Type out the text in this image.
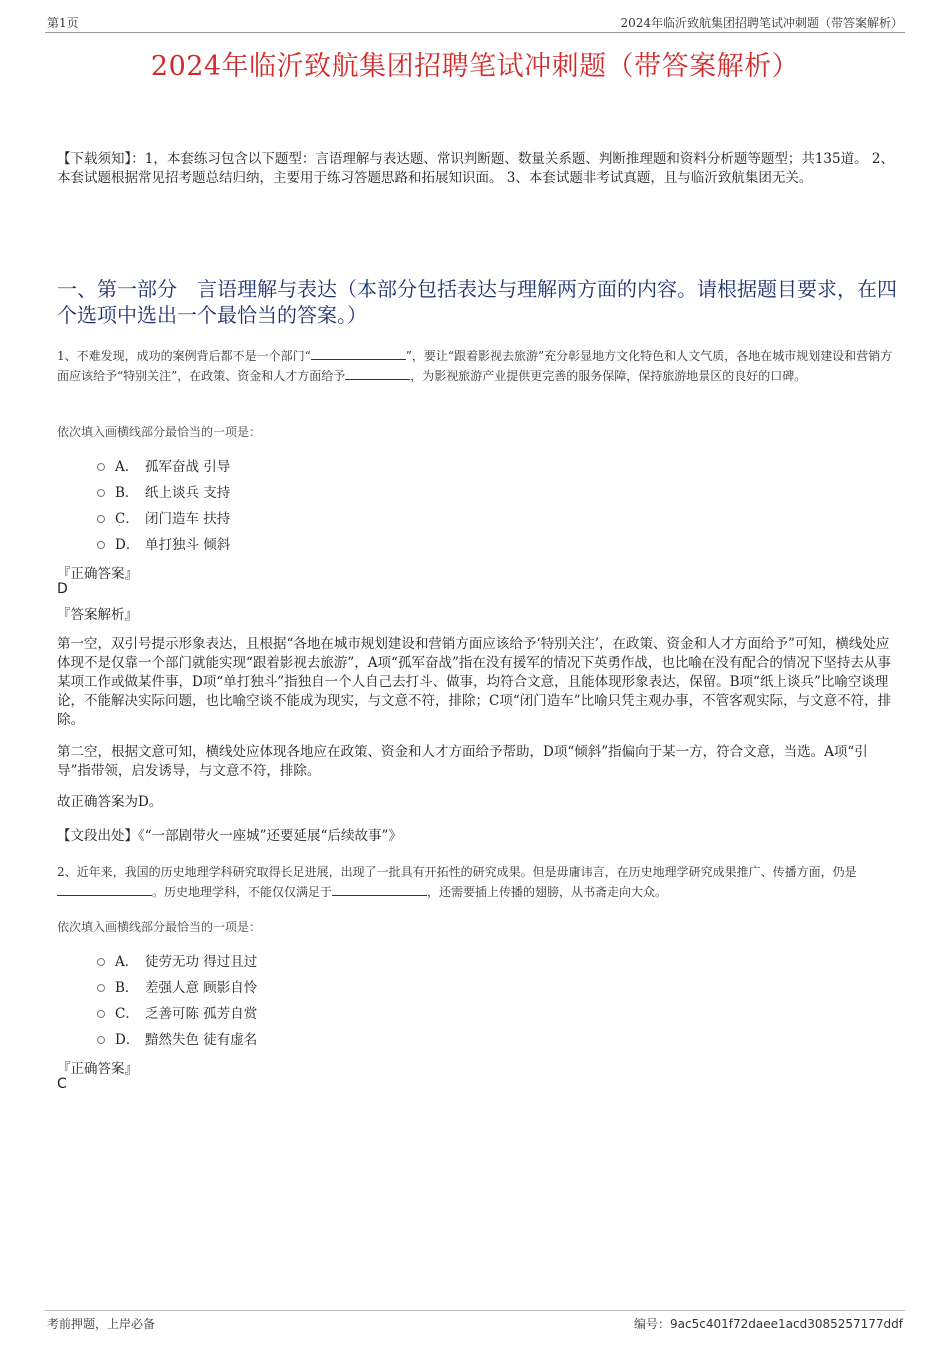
第1页	2024年临沂致航集团招聘笔试冲刺题（带答案解析）
2024年临沂致航集团招聘笔试冲刺题（带答案解析）
【下载须知】：1，本套练习包含以下题型：言语理解与表达题、常识判断题、数量关系题、判断推理题和资料分析题等题型；共135道。 2、本套试题根据常见招考题总结归纳，主要用于练习答题思路和拓展知识面。 3、本套试题非考试真题，且与临沂致航集团无关。
一、第一部分　言语理解与表达（本部分包括表达与理解两方面的内容。请根据题目要求，在四个选项中选出一个最恰当的答案。）
1、不难发现，成功的案例背后都不是一个部门“	”，要让“跟着影视去旅游”充分彰显地方文化特色和人文气质，各地在城市规划建设和营销方面应该给予“特别关注”，在政策、资金和人才方面给予	，为影视旅游产业提供更完善的服务保障，保持旅游地景区的良好的口碑。
依次填入画横线部分最恰当的一项是：
A． 孤军奋战 引导
B． 纸上谈兵 支持
C． 闭门造车 扶持
D． 单打独斗 倾斜
『正确答案』
D
『答案解析』
第一空，双引号提示形象表达，且根据“各地在城市规划建设和营销方面应该给予‘特别关注’，在政策、资金和人才方面给予”可知，横线处应体现不是仅靠一个部门就能实现“跟着影视去旅游”，A项“孤军奋战”指在没有援军的情况下英勇作战，也比喻在没有配合的情况下坚持去从事某项工作或做某件事，D项“单打独斗”指独自一个人自己去打斗、做事，均符合文意，且能体现形象表达，保留。B项“纸上谈兵”比喻空谈理论，不能解决实际问题，也比喻空谈不能成为现实，与文意不符，排除；C项“闭门造车”比喻只凭主观办事，不管客观实际，与文意不符，排除。
第二空，根据文意可知，横线处应体现各地应在政策、资金和人才方面给予帮助，D项“倾斜”指偏向于某一方，符合文意，当选。A项“引导”指带领，启发诱导，与文意不符，排除。
故正确答案为D。
【文段出处】《“一部剧带火一座城”还要延展“后续故事”》
2、近年来，我国的历史地理学科研究取得长足进展，出现了一批具有开拓性的研究成果。但是毋庸讳言，在历史地理学研究成果推广、传播方面，仍是。历史地理学科，不能仅仅满足于	，还需要插上传播的翅膀，从书斋走向大众。
依次填入画横线部分最恰当的一项是：
A． 徒劳无功 得过且过
B． 差强人意 顾影自怜
C． 乏善可陈 孤芳自赏
D． 黯然失色 徒有虚名
『正确答案』
C
考前押题，上岸必备	编号：9ac5c401f72daee1acd3085257177ddf
